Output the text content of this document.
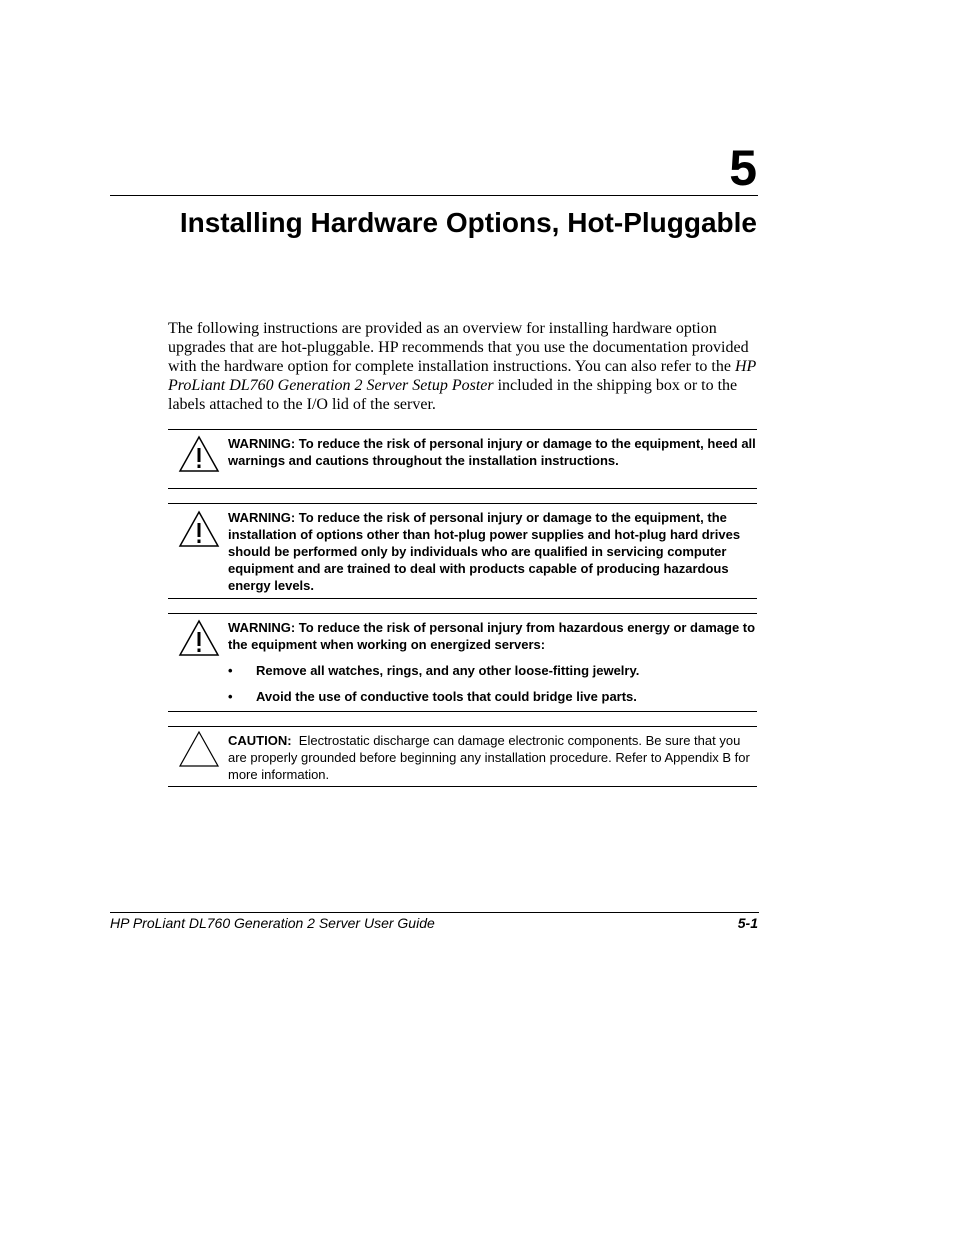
5
Installing Hardware Options, Hot-Pluggable

The following instructions are provided as an overview for installing hardware option upgrades that are hot-pluggable. HP recommends that you use the documentation provided with the hardware option for complete installation instructions. You can also refer to the HP ProLiant DL760 Generation 2 Server Setup Poster included in the shipping box or to the labels attached to the I/O lid of the server.

WARNING: To reduce the risk of personal injury or damage to the equipment, heed all warnings and cautions throughout the installation instructions.

WARNING: To reduce the risk of personal injury or damage to the equipment, the installation of options other than hot-plug power supplies and hot-plug hard drives should be performed only by individuals who are qualified in servicing computer equipment and are trained to deal with products capable of producing hazardous energy levels.

WARNING: To reduce the risk of personal injury from hazardous energy or damage to the equipment when working on energized servers:

• Remove all watches, rings, and any other loose-fitting jewelry.
• Avoid the use of conductive tools that could bridge live parts.

CAUTION: Electrostatic discharge can damage electronic components. Be sure that you are properly grounded before beginning any installation procedure. Refer to Appendix B for more information.

HP ProLiant DL760 Generation 2 Server User Guide	5-1
